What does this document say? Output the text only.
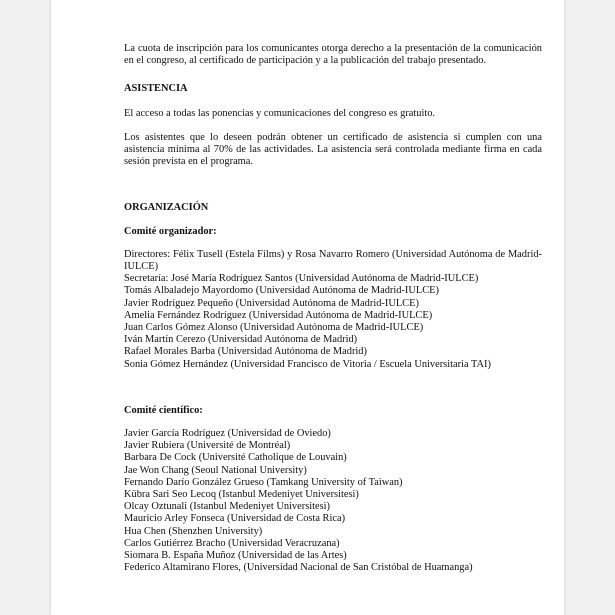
La cuota de inscripción para los comunicantes otorga derecho a la presentación de la comunicación en el congreso, al certificado de participación y a la publicación del trabajo presentado.

ASISTENCIA

El acceso a todas las ponencias y comunicaciones del congreso es gratuito.

Los asistentes que lo deseen podrán obtener un certificado de asistencia si cumplen con una asistencia mínima al 70% de las actividades. La asistencia será controlada mediante firma en cada sesión prevista en el programa.

ORGANIZACIÓN

Comité organizador:

Directores: Félix Tusell (Estela Films) y Rosa Navarro Romero (Universidad Autónoma de Madrid-IULCE)

Secretaría: José María Rodríguez Santos (Universidad Autónoma de Madrid-IULCE)

Tomás Albaladejo Mayordomo (Universidad Autónoma de Madrid-IULCE)

Javier Rodríguez Pequeño (Universidad Autónoma de Madrid-IULCE)

Amelia Fernández Rodríguez (Universidad Autónoma de Madrid-IULCE)

Juan Carlos Gómez Alonso (Universidad Autónoma de Madrid-IULCE)

Iván Martín Cerezo (Universidad Autónoma de Madrid)

Rafael Morales Barba (Universidad Autónoma de Madrid)

Sonia Gómez Hernández (Universidad Francisco de Vitoria / Escuela Universitaria TAI)

Comité científico:

Javier García Rodríguez (Universidad de Oviedo)

Javier Rubiera (Université de Montréal)

Barbara De Cock (Université Catholique de Louvain)

Jae Won Chang (Seoul National University)

Fernando Darío González Grueso (Tamkang University of Taiwan)

Kübra Sari Seo Lecoq (Istanbul Medeniyet Universitesi)

Olcay Oztunali (Istanbul Medeniyet Universitesi)

Mauricio Arley Fonseca (Universidad de Costa Rica)

Hua Chen (Shenzhen University)

Carlos Gutiérrez Bracho (Universidad Veracruzana)

Siomara B. España Muñoz (Universidad de las Artes)

Federico Altamirano Flores, (Universidad Nacional de San Cristóbal de Huamanga)
